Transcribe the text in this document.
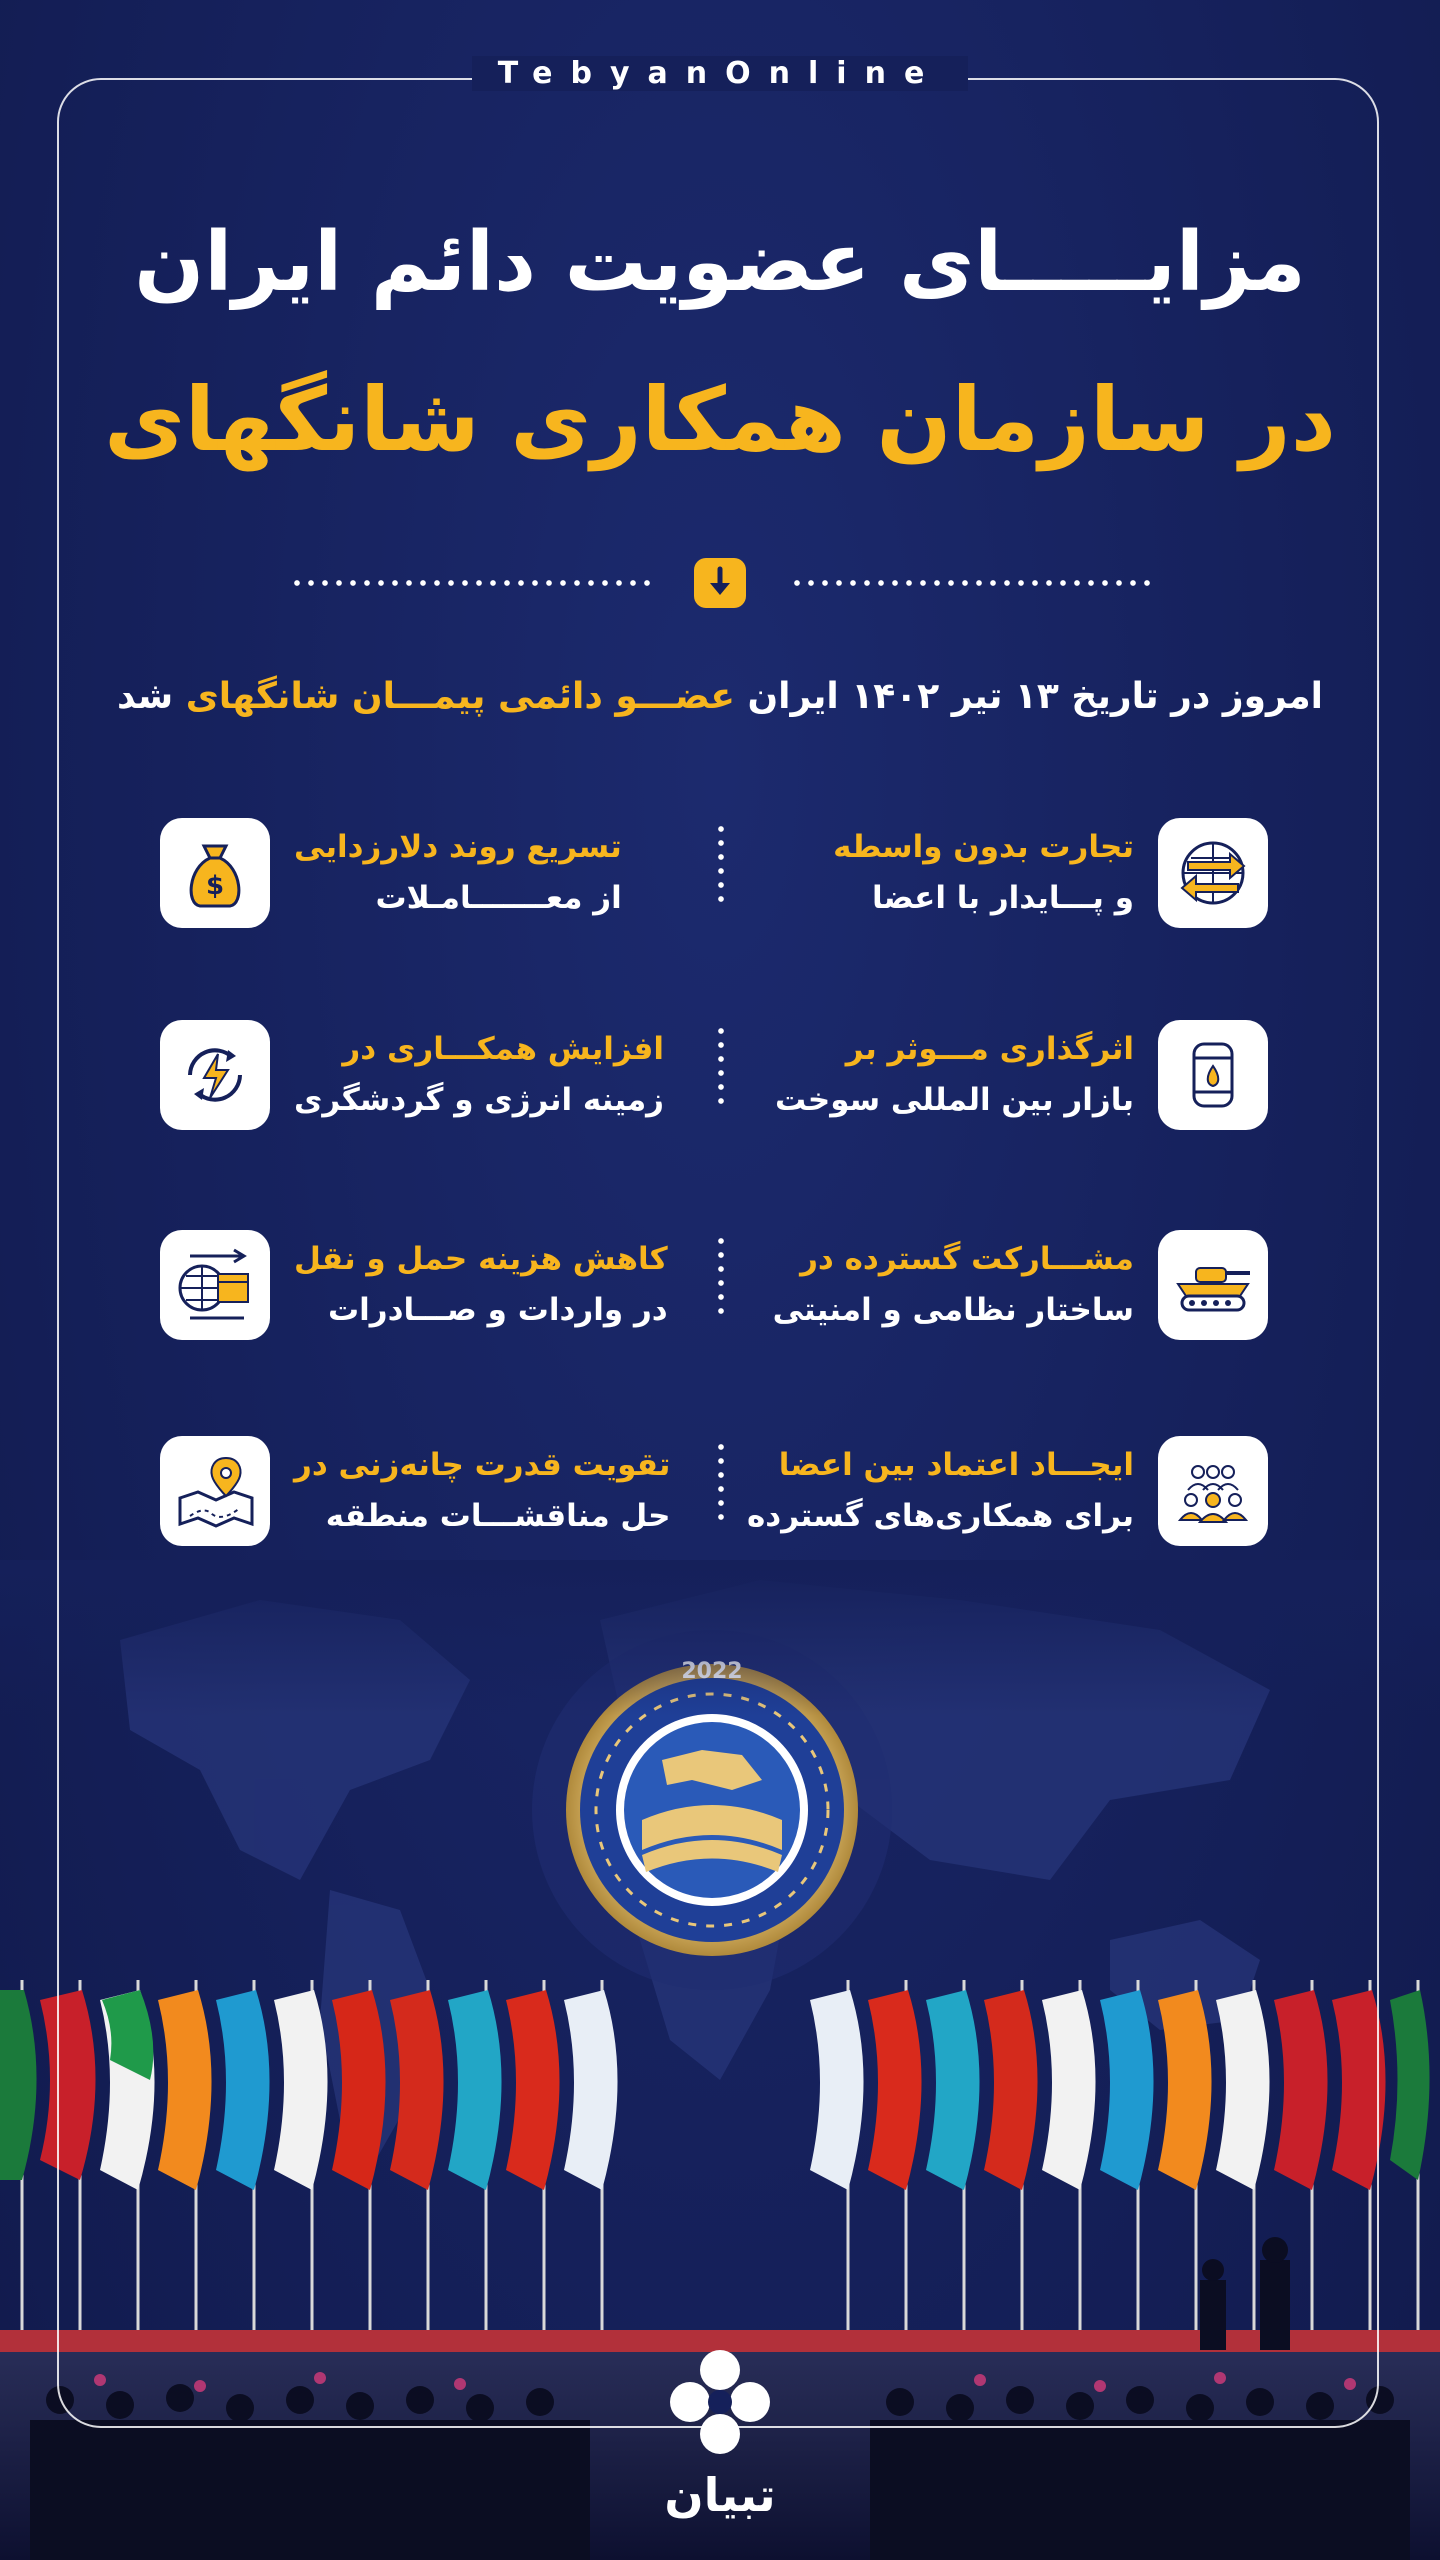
TebyanOnline
مزایـــــای عضویت دائم ایران
در سازمان همکاری شانگهای
امروز در تاریخ ۱۳ تیر ۱۴۰۲ ایران عضـــو دائمی پیمـــان شانگهای شد
تجارت بدون واسطه
و پـــایدار با اعضا
$
تسریع روند دلارزدایی
از معـــــــامـلات
اثرگذاری مـــوثر بر
بازار بین المللی سوخت
افزایش همکـــاری در
زمینه انرژی و گردشگری
مشـــارکت گسترده در
ساختار نظامی و امنیتی
کاهش هزینه حمل و نقل
در واردات و صـــادرات
ایجـــاد اعتماد بین اعضا
برای همکاری‌های گسترده
تقویت قدرت چانه‌زنی در
حل مناقشـــات منطقه
تبیان
